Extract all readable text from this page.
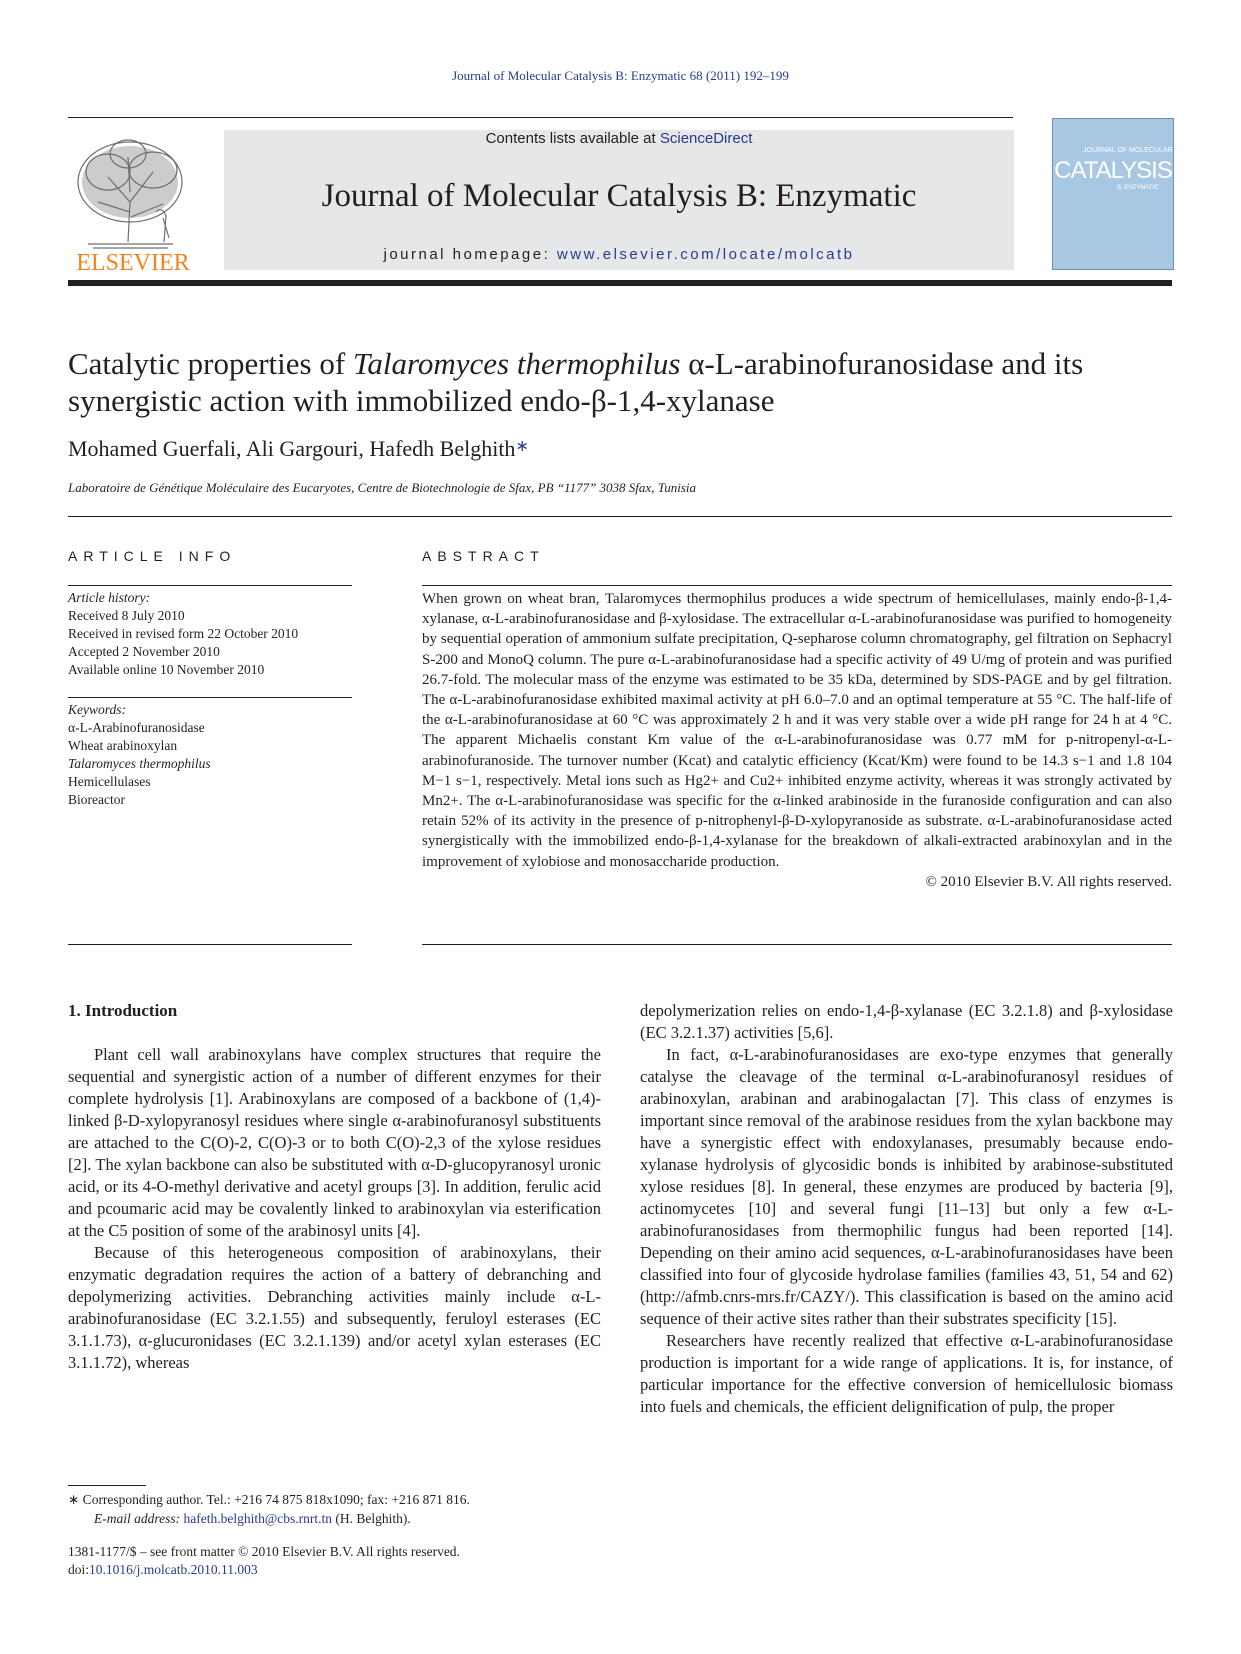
Journal of Molecular Catalysis B: Enzymatic 68 (2011) 192–199
ELSEVIER
Contents lists available at ScienceDirect
Journal of Molecular Catalysis B: Enzymatic
journal homepage: www.elsevier.com/locate/molcatb
JOURNAL OF MOLECULAR
CATALYSIS
B: ENZYMATIC
Catalytic properties of Talaromyces thermophilus α-L-arabinofuranosidase and its synergistic action with immobilized endo-β-1,4-xylanase
Mohamed Guerfali, Ali Gargouri, Hafedh Belghith∗
Laboratoire de Génétique Moléculaire des Eucaryotes, Centre de Biotechnologie de Sfax, PB “1177” 3038 Sfax, Tunisia
ARTICLE INFO	ABSTRACT
Article history:
Received 8 July 2010
Received in revised form 22 October 2010
Accepted 2 November 2010
Available online 10 November 2010
Keywords:
α-L-Arabinofuranosidase
Wheat arabinoxylan
Talaromyces thermophilus
Hemicellulases
Bioreactor
When grown on wheat bran, Talaromyces thermophilus produces a wide spectrum of hemicellulases, mainly endo-β-1,4-xylanase, α-L-arabinofuranosidase and β-xylosidase. The extracellular α-L-arabinofuranosidase was purified to homogeneity by sequential operation of ammonium sulfate precipitation, Q-sepharose column chromatography, gel filtration on Sephacryl S-200 and MonoQ column. The pure α-L-arabinofuranosidase had a specific activity of 49 U/mg of protein and was purified 26.7-fold. The molecular mass of the enzyme was estimated to be 35 kDa, determined by SDS-PAGE and by gel filtration. The α-L-arabinofuranosidase exhibited maximal activity at pH 6.0–7.0 and an optimal temperature at 55 °C. The half-life of the α-L-arabinofuranosidase at 60 °C was approximately 2 h and it was very stable over a wide pH range for 24 h at 4 °C. The apparent Michaelis constant Km value of the α-L-arabinofuranosidase was 0.77 mM for p-nitropenyl-α-L-arabinofuranoside. The turnover number (Kcat) and catalytic efficiency (Kcat/Km) were found to be 14.3 s−1 and 1.8 104 M−1 s−1, respectively. Metal ions such as Hg2+ and Cu2+ inhibited enzyme activity, whereas it was strongly activated by Mn2+. The α-L-arabinofuranosidase was specific for the α-linked arabinoside in the furanoside configuration and can also retain 52% of its activity in the presence of p-nitrophenyl-β-D-xylopyranoside as substrate. α-L-arabinofuranosidase acted synergistically with the immobilized endo-β-1,4-xylanase for the breakdown of alkali-extracted arabinoxylan and in the improvement of xylobiose and monosaccharide production.
© 2010 Elsevier B.V. All rights reserved.

1. Introduction

Plant cell wall arabinoxylans have complex structures that require the sequential and synergistic action of a number of different enzymes for their complete hydrolysis [1]. Arabinoxylans are composed of a backbone of (1,4)-linked β-D-xylopyranosyl residues where single α-arabinofuranosyl substituents are attached to the C(O)-2, C(O)-3 or to both C(O)-2,3 of the xylose residues [2]. The xylan backbone can also be substituted with α-D-glucopyranosyl uronic acid, or its 4-O-methyl derivative and acetyl groups [3]. In addition, ferulic acid and pcoumaric acid may be covalently linked to arabinoxylan via esterification at the C5 position of some of the arabinosyl units [4].

Because of this heterogeneous composition of arabinoxylans, their enzymatic degradation requires the action of a battery of debranching and depolymerizing activities. Debranching activities mainly include α-L-arabinofuranosidase (EC 3.2.1.55) and subsequently, feruloyl esterases (EC 3.1.1.73), α-glucuronidases (EC 3.2.1.139) and/or acetyl xylan esterases (EC 3.1.1.72), whereas

depolymerization relies on endo-1,4-β-xylanase (EC 3.2.1.8) and β-xylosidase (EC 3.2.1.37) activities [5,6].

In fact, α-L-arabinofuranosidases are exo-type enzymes that generally catalyse the cleavage of the terminal α-L-arabinofuranosyl residues of arabinoxylan, arabinan and arabinogalactan [7]. This class of enzymes is important since removal of the arabinose residues from the xylan backbone may have a synergistic effect with endoxylanases, presumably because endo-xylanase hydrolysis of glycosidic bonds is inhibited by arabinose-substituted xylose residues [8]. In general, these enzymes are produced by bacteria [9], actinomycetes [10] and several fungi [11–13] but only a few α-L-arabinofuranosidases from thermophilic fungus had been reported [14]. Depending on their amino acid sequences, α-L-arabinofuranosidases have been classified into four of glycoside hydrolase families (families 43, 51, 54 and 62) (http://afmb.cnrs-mrs.fr/CAZY/). This classification is based on the amino acid sequence of their active sites rather than their substrates specificity [15].

Researchers have recently realized that effective α-L-arabinofuranosidase production is important for a wide range of applications. It is, for instance, of particular importance for the effective conversion of hemicellulosic biomass into fuels and chemicals, the efficient delignification of pulp, the proper

∗ Corresponding author. Tel.: +216 74 875 818x1090; fax: +216 871 816.
E-mail address: hafeth.belghith@cbs.rnrt.tn (H. Belghith).
1381-1177/$ – see front matter © 2010 Elsevier B.V. All rights reserved.
doi:10.1016/j.molcatb.2010.11.003
